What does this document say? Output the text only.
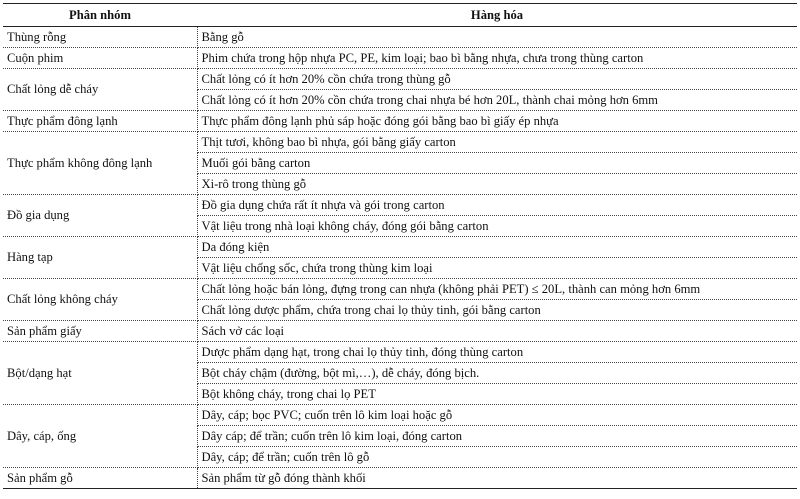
Phân nhóm	Hàng hóa
Thùng rỗng	Bằng gỗ
Cuộn phim	Phim chứa trong hộp nhựa PC, PE, kim loại; bao bì bằng nhựa, chưa trong thùng carton
Chất lỏng dễ cháy	Chất lỏng có ít hơn 20% cồn chứa trong thùng gỗ
	Chất lỏng có ít hơn 20% cồn chứa trong chai nhựa bé hơn 20L, thành chai mỏng hơn 6mm
Thực phẩm đông lạnh	Thực phẩm đông lạnh phủ sáp hoặc đóng gói bằng bao bì giấy ép nhựa
Thực phẩm không đông lạnh	Thịt tươi, không bao bì nhựa, gói bằng giấy carton
	Muối gói bằng carton
	Xi-rô trong thùng gỗ
Đồ gia dụng	Đồ gia dụng chứa rất ít nhựa và gói trong carton
	Vật liệu trong nhà loại không cháy, đóng gói bằng carton
Hàng tạp	Da đóng kiện
	Vật liệu chống sốc, chứa trong thùng kim loại
Chất lỏng không cháy	Chất lỏng hoặc bán lỏng, đựng trong can nhựa (không phải PET) ≤ 20L, thành can mỏng hơn 6mm
	Chất lỏng dược phẩm, chứa trong chai lọ thủy tinh, gói bằng carton
Sản phẩm giấy	Sách vở các loại
Bột/dạng hạt	Dược phẩm dạng hạt, trong chai lọ thủy tinh, đóng thùng carton
	Bột cháy chậm (đường, bột mì,…), dễ cháy, đóng bịch.
	Bột không cháy, trong chai lọ PET
Dây, cáp, ống	Dây, cáp; bọc PVC; cuốn trên lô kim loại hoặc gỗ
	Dây cáp; để trần; cuốn trên lô kim loại, đóng carton
	Dây, cáp; để trần; cuốn trên lô gỗ
Sản phẩm gỗ	Sản phẩm từ gỗ đóng thành khối
